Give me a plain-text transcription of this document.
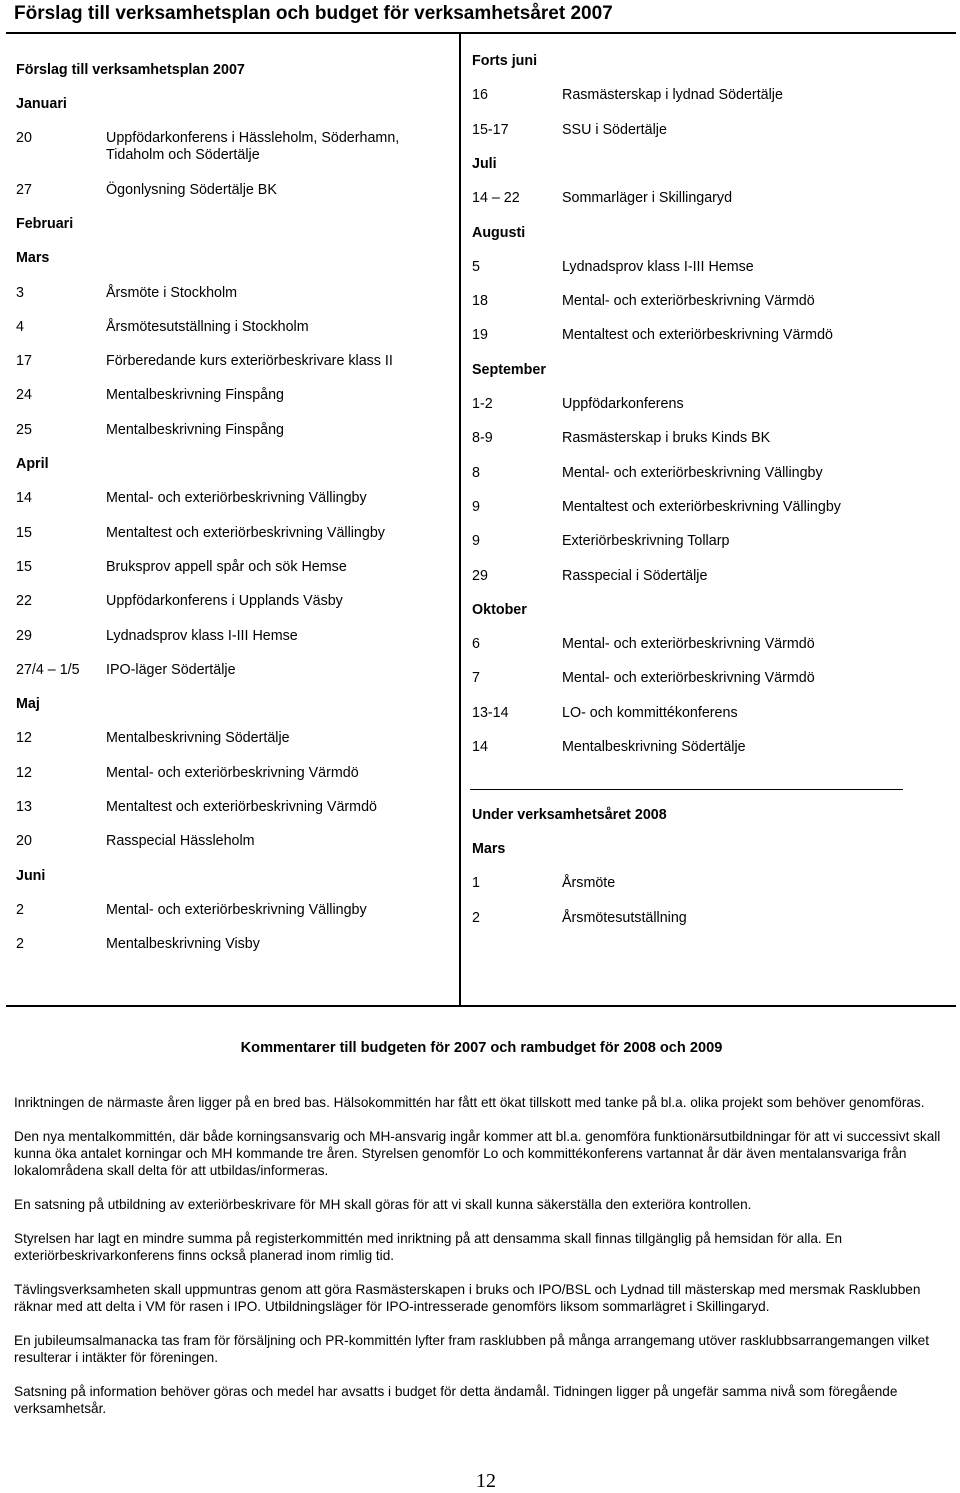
Förslag till verksamhetsplan och budget för verksamhetsåret 2007
Förslag till verksamhetsplan 2007
Januari
20	Uppfödarkonferens i Hässleholm, Söderhamn,
Tidaholm och Södertälje
27	Ögonlysning Södertälje BK
Februari
Mars
3	Årsmöte i Stockholm
4	Årsmötesutställning i Stockholm
17	Förberedande kurs exteriörbeskrivare klass II
24	Mentalbeskrivning Finspång
25	Mentalbeskrivning Finspång
April
14	Mental- och exteriörbeskrivning Vällingby
15	Mentaltest och exteriörbeskrivning Vällingby
15	Bruksprov appell spår och sök Hemse
22	Uppfödarkonferens i Upplands Väsby
29	Lydnadsprov klass I-III Hemse
27/4 – 1/5 IPO-läger Södertälje
Maj
12	Mentalbeskrivning Södertälje
12	Mental- och exteriörbeskrivning Värmdö
13	Mentaltest och exteriörbeskrivning Värmdö
20	Rasspecial Hässleholm
Juni
2	Mental- och exteriörbeskrivning Vällingby
2	Mentalbeskrivning Visby
Forts juni
16	Rasmästerskap i lydnad Södertälje
15-17	SSU i Södertälje
Juli
14 – 22	Sommarläger i Skillingaryd
Augusti
5	Lydnadsprov klass I-III Hemse
18	Mental- och exteriörbeskrivning Värmdö
19	Mentaltest och exteriörbeskrivning Värmdö
September
1-2	Uppfödarkonferens
8-9	Rasmästerskap i bruks Kinds BK
8	Mental- och exteriörbeskrivning Vällingby
9	Mentaltest och exteriörbeskrivning Vällingby
9	Exteriörbeskrivning Tollarp
29	Rasspecial i Södertälje
Oktober
6	Mental- och exteriörbeskrivning Värmdö
7	Mental- och exteriörbeskrivning Värmdö
13-14	LO- och kommittékonferens
14	Mentalbeskrivning Södertälje
Under verksamhetsåret 2008
Mars
1	Årsmöte
2	Årsmötesutställning
Kommentarer till budgeten för 2007 och rambudget för 2008 och 2009

Inriktningen de närmaste åren ligger på en bred bas. Hälsokommittén har fått ett ökat tillskott med tanke på bl.a. olika projekt som behöver genomföras.

Den nya mentalkommittén, där både korningsansvarig och MH-ansvarig ingår kommer att bl.a. genomföra funktionärsutbildningar för att vi successivt skall kunna öka antalet korningar och MH kommande tre åren. Styrelsen genomför Lo och kommittékonferens vartannat år där även mentalansvariga från lokalområdena skall delta för att utbildas/informeras.

En satsning på utbildning av exteriörbeskrivare för MH skall göras för att vi skall kunna säkerställa den exteriöra kontrollen.

Styrelsen har lagt en mindre summa på registerkommittén med inriktning på att densamma skall finnas tillgänglig på hemsidan för alla. En exteriörbeskrivarkonferens finns också planerad inom rimlig tid.

Tävlingsverksamheten skall uppmuntras genom att göra Rasmästerskapen i bruks och IPO/BSL och Lydnad till mästerskap med mersmak Rasklubben räknar med att delta i VM för rasen i IPO. Utbildningsläger för IPO-intresserade genomförs liksom sommarlägret i Skillingaryd.

En jubileumsalmanacka tas fram för försäljning och PR-kommittén lyfter fram rasklubben på många arrangemang utöver rasklubbsarrangemangen vilket resulterar i intäkter för föreningen.

Satsning på information behöver göras och medel har avsatts i budget för detta ändamål. Tidningen ligger på ungefär samma nivå som föregående verksamhetsår.

12
